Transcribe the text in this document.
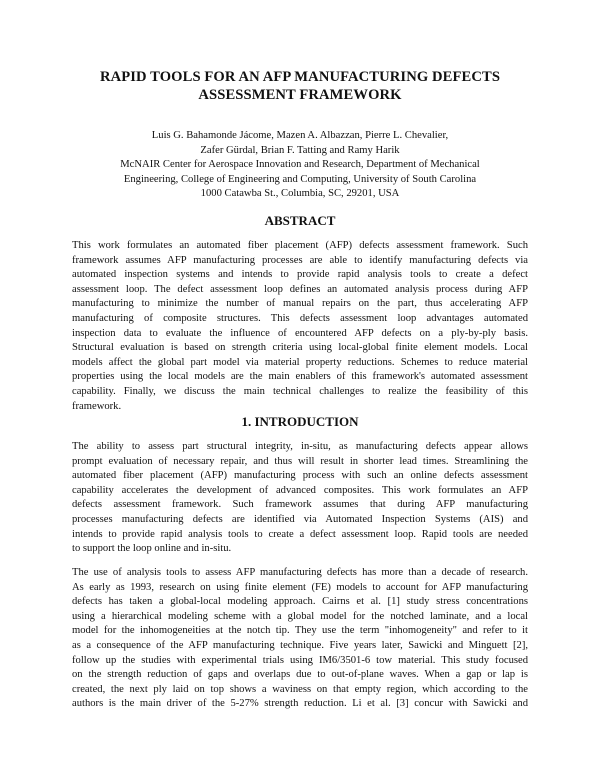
RAPID TOOLS FOR AN AFP MANUFACTURING DEFECTS
ASSESSMENT FRAMEWORK
Luis G. Bahamonde Jácome, Mazen A. Albazzan, Pierre L. Chevalier,
Zafer Gürdal, Brian F. Tatting and Ramy Harik
McNAIR Center for Aerospace Innovation and Research, Department of Mechanical
Engineering, College of Engineering and Computing, University of South Carolina
1000 Catawba St., Columbia, SC, 29201, USA
ABSTRACT
This work formulates an automated fiber placement (AFP) defects assessment framework. Such
framework assumes AFP manufacturing processes are able to identify manufacturing defects via
automated inspection systems and intends to provide rapid analysis tools to create a defect
assessment loop. The defect assessment loop defines an automated analysis process during AFP
manufacturing to minimize the number of manual repairs on the part, thus accelerating AFP
manufacturing of composite structures. This defects assessment loop advantages automated
inspection data to evaluate the influence of encountered AFP defects on a ply-by-ply basis.
Structural evaluation is based on strength criteria using local-global finite element models. Local
models affect the global part model via material property reductions. Schemes to reduce material
properties using the local models are the main enablers of this framework's automated assessment
capability. Finally, we discuss the main technical challenges to realize the feasibility of this
framework.
1. INTRODUCTION
The ability to assess part structural integrity, in-situ, as manufacturing defects appear allows
prompt evaluation of necessary repair, and thus will result in shorter lead times. Streamlining the
automated fiber placement (AFP) manufacturing process with such an online defects assessment
capability accelerates the development of advanced composites. This work formulates an AFP
defects assessment framework. Such framework assumes that during AFP manufacturing
processes manufacturing defects are identified via Automated Inspection Systems (AIS) and
intends to provide rapid analysis tools to create a defect assessment loop. Rapid tools are needed
to support the loop online and in-situ.
The use of analysis tools to assess AFP manufacturing defects has more than a decade of research.
As early as 1993, research on using finite element (FE) models to account for AFP manufacturing
defects has taken a global-local modeling approach. Cairns et al. [1] study stress concentrations
using a hierarchical modeling scheme with a global model for the notched laminate, and a local
model for the inhomogeneities at the notch tip. They use the term "inhomogeneity" and refer to it
as a consequence of the AFP manufacturing technique. Five years later, Sawicki and Minguett [2],
follow up the studies with experimental trials using IM6/3501-6 tow material. This study focused
on the strength reduction of gaps and overlaps due to out-of-plane waves. When a gap or lap is
created, the next ply laid on top shows a waviness on that empty region, which according to the
authors is the main driver of the 5-27% strength reduction. Li et al. [3] concur with Sawicki and
